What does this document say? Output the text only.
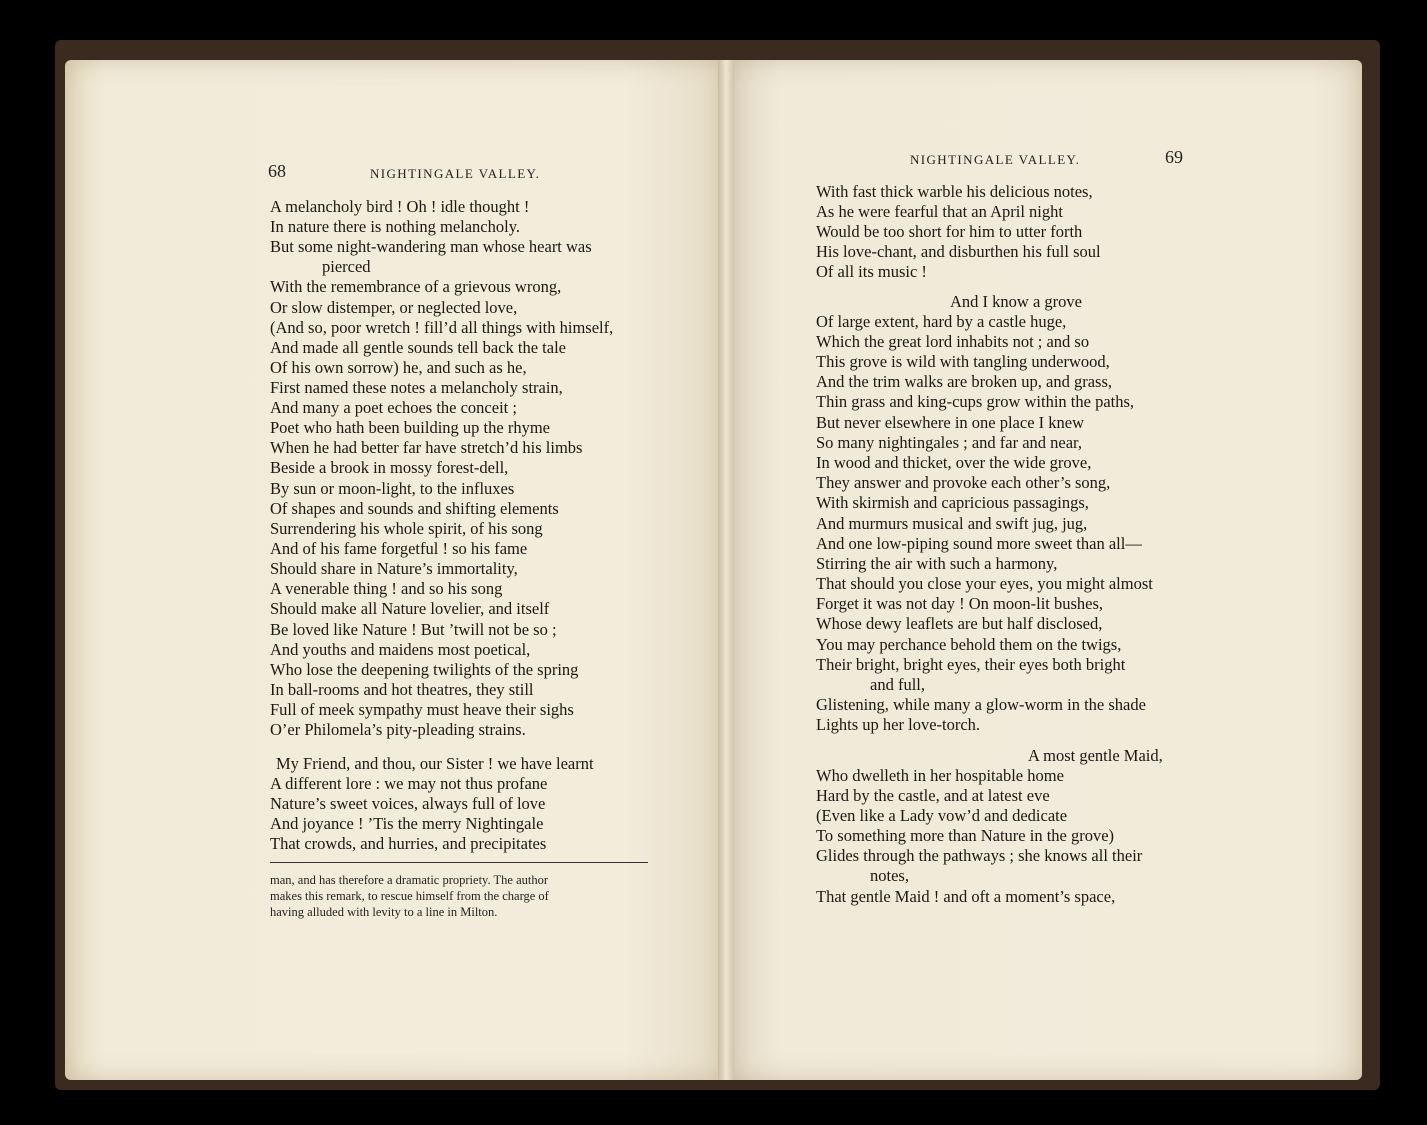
68	NIGHTINGALE VALLEY.
A melancholy bird ! Oh ! idle thought !
In nature there is nothing melancholy.
But some night-wandering man whose heart was
pierced
With the remembrance of a grievous wrong,
Or slow distemper, or neglected love,
(And so, poor wretch ! fill’d all things with himself,
And made all gentle sounds tell back the tale
Of his own sorrow) he, and such as he,
First named these notes a melancholy strain,
And many a poet echoes the conceit ;
Poet who hath been building up the rhyme
When he had better far have stretch’d his limbs
Beside a brook in mossy forest-dell,
By sun or moon-light, to the influxes
Of shapes and sounds and shifting elements
Surrendering his whole spirit, of his song
And of his fame forgetful ! so his fame
Should share in Nature’s immortality,
A venerable thing ! and so his song
Should make all Nature lovelier, and itself
Be loved like Nature ! But ’twill not be so ;
And youths and maidens most poetical,
Who lose the deepening twilights of the spring
In ball-rooms and hot theatres, they still
Full of meek sympathy must heave their sighs
O’er Philomela’s pity-pleading strains.
My Friend, and thou, our Sister ! we have learnt
A different lore : we may not thus profane
Nature’s sweet voices, always full of love
And joyance ! ’Tis the merry Nightingale
That crowds, and hurries, and precipitates
man, and has therefore a dramatic propriety. The author
makes this remark, to rescue himself from the charge of
having alluded with levity to a line in Milton.
NIGHTINGALE VALLEY.	69
With fast thick warble his delicious notes,
As he were fearful that an April night
Would be too short for him to utter forth
His love-chant, and disburthen his full soul
Of all its music !
And I know a grove
Of large extent, hard by a castle huge,
Which the great lord inhabits not ; and so
This grove is wild with tangling underwood,
And the trim walks are broken up, and grass,
Thin grass and king-cups grow within the paths,
But never elsewhere in one place I knew
So many nightingales ; and far and near,
In wood and thicket, over the wide grove,
They answer and provoke each other’s song,
With skirmish and capricious passagings,
And murmurs musical and swift jug, jug,
And one low-piping sound more sweet than all—
Stirring the air with such a harmony,
That should you close your eyes, you might almost
Forget it was not day ! On moon-lit bushes,
Whose dewy leaflets are but half disclosed,
You may perchance behold them on the twigs,
Their bright, bright eyes, their eyes both bright
and full,
Glistening, while many a glow-worm in the shade
Lights up her love-torch.
A most gentle Maid,
Who dwelleth in her hospitable home
Hard by the castle, and at latest eve
(Even like a Lady vow’d and dedicate
To something more than Nature in the grove)
Glides through the pathways ; she knows all their
notes,
That gentle Maid ! and oft a moment’s space,
